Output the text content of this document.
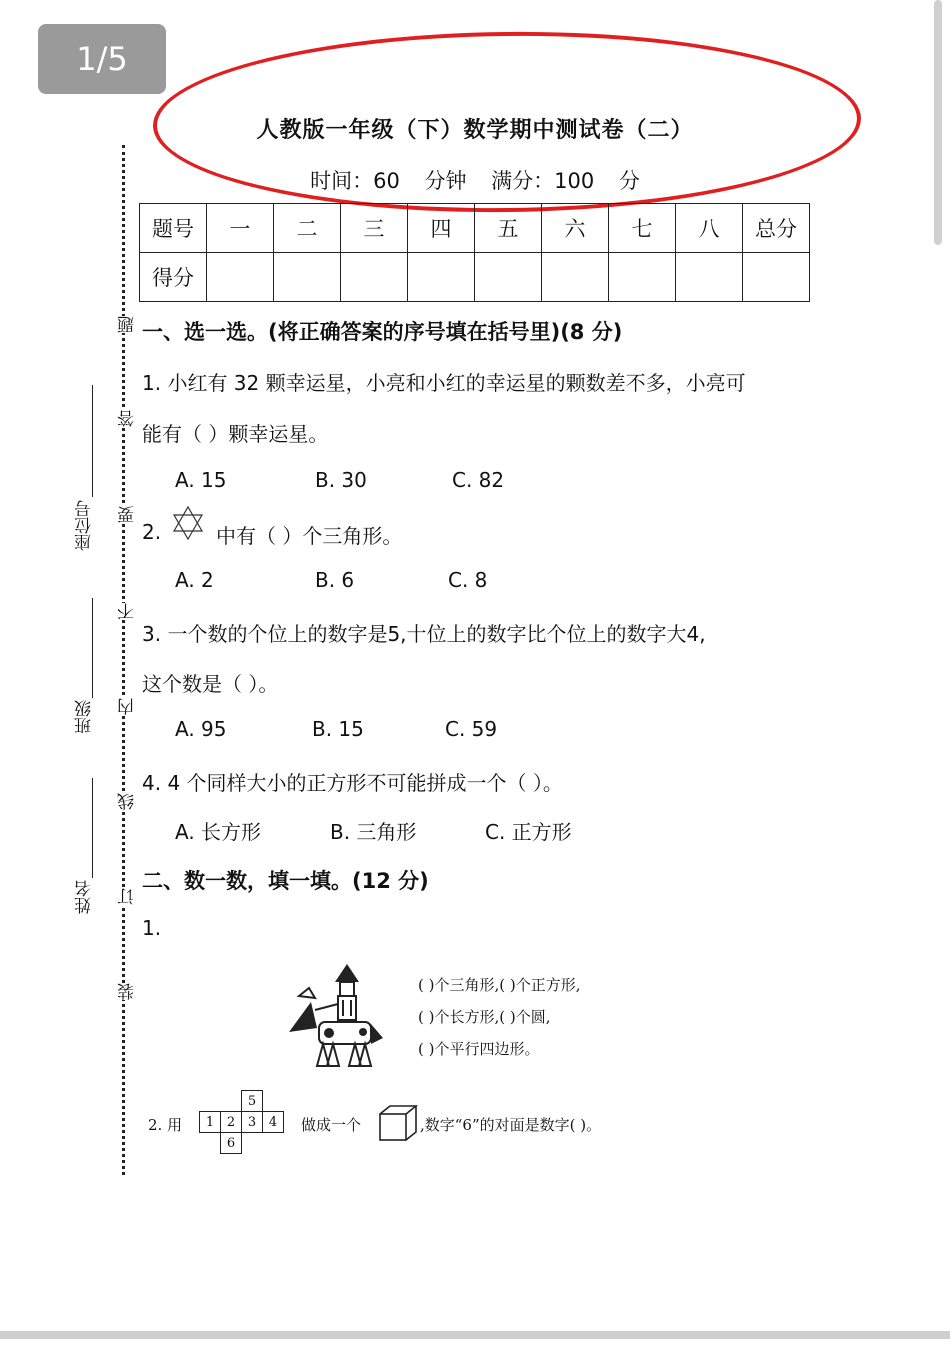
1/5
人教版一年级（下）数学期中测试卷（二）
时间：60 分钟 满分：100 分
题号	一	二	三	四	五	六	七	八	总分
得分									
题
答
要
不
内
线
订
装
座位号
班级
姓名
一、选一选。(将正确答案的序号填在括号里)(8 分)
1. 小红有 32 颗幸运星，小亮和小红的幸运星的颗数差不多，小亮可
能有（ ）颗幸运星。
A. 15	B. 30	C. 82
2.	中有（ ）个三角形。
A. 2	B. 6	C. 8
3. 一个数的个位上的数字是5,十位上的数字比个位上的数字大4,
这个数是（ ）。
A. 95	B. 15	C. 59
4. 4 个同样大小的正方形不可能拼成一个（ ）。
A. 长方形	B. 三角形	C. 正方形
二、数一数，填一填。(12 分)
1.
( )个三角形,( )个正方形,
( )个长方形,( )个圆,
( )个平行四边形。
2. 用
		5	
1	2	3	4
	6		
做成一个	,数字“6”的对面是数字( )。
